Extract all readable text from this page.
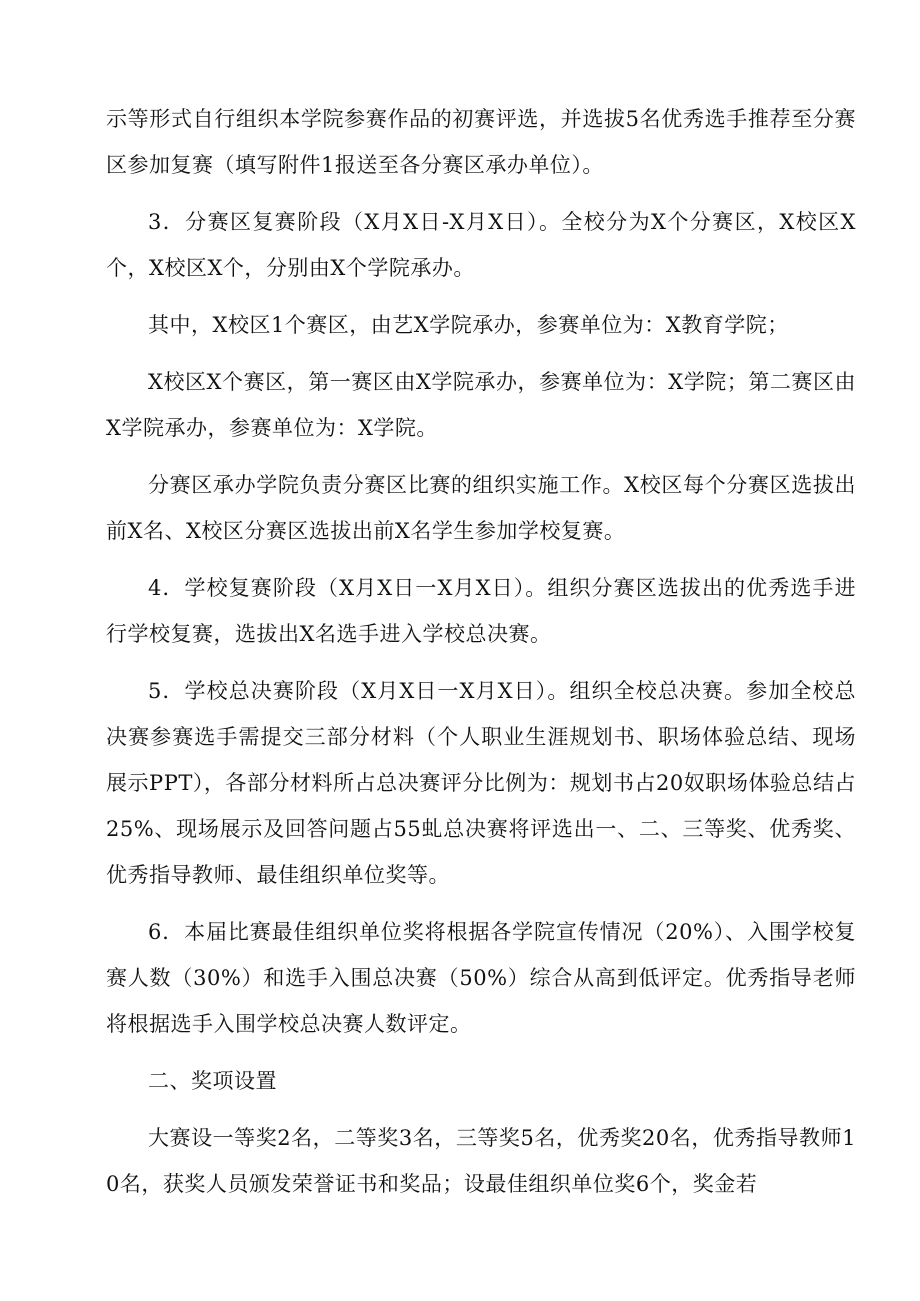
示等形式自行组织本学院参赛作品的初赛评选，并选拔5名优秀选手推荐至分赛区参加复赛（填写附件1报送至各分赛区承办单位）。

3．分赛区复赛阶段（X月X日-X月X日）。全校分为X个分赛区，X校区X个，X校区X个，分别由X个学院承办。

其中，X校区1个赛区，由艺X学院承办，参赛单位为：X教育学院；

X校区X个赛区，第一赛区由X学院承办，参赛单位为：X学院；第二赛区由X学院承办，参赛单位为：X学院。

分赛区承办学院负责分赛区比赛的组织实施工作。X校区每个分赛区选拔出前X名、X校区分赛区选拔出前X名学生参加学校复赛。

4．学校复赛阶段（X月X日一X月X日）。组织分赛区选拔出的优秀选手进行学校复赛，选拔出X名选手进入学校总决赛。

5．学校总决赛阶段（X月X日一X月X日）。组织全校总决赛。参加全校总决赛参赛选手需提交三部分材料（个人职业生涯规划书、职场体验总结、现场展示PPT），各部分材料所占总决赛评分比例为：规划书占20奴职场体验总结占25%、现场展示及回答问题占55虬总决赛将评选出一、二、三等奖、优秀奖、优秀指导教师、最佳组织单位奖等。

6．本届比赛最佳组织单位奖将根据各学院宣传情况（20%）、入围学校复赛人数（30%）和选手入围总决赛（50%）综合从高到低评定。优秀指导老师将根据选手入围学校总决赛人数评定。

二、奖项设置

大赛设一等奖2名，二等奖3名，三等奖5名，优秀奖20名，优秀指导教师10名，获奖人员颁发荣誉证书和奖品；设最佳组织单位奖6个，奖金若
